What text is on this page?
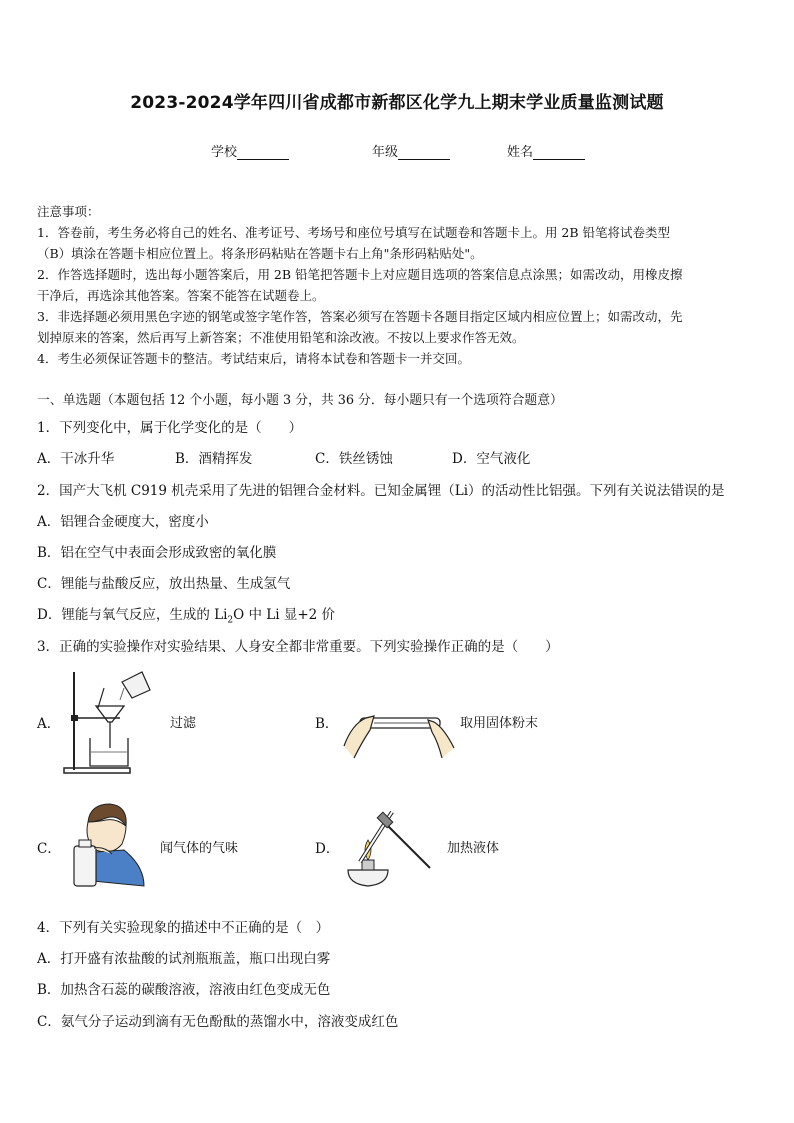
2023-2024学年四川省成都市新都区化学九上期末学业质量监测试题
学校	年级	姓名
注意事项：
1．答卷前，考生务必将自己的姓名、准考证号、考场号和座位号填写在试题卷和答题卡上。用 2B 铅笔将试卷类型
（B）填涂在答题卡相应位置上。将条形码粘贴在答题卡右上角"条形码粘贴处"。
2．作答选择题时，选出每小题答案后，用 2B 铅笔把答题卡上对应题目选项的答案信息点涂黑；如需改动，用橡皮擦
干净后，再选涂其他答案。答案不能答在试题卷上。
3．非选择题必须用黑色字迹的钢笔或签字笔作答，答案必须写在答题卡各题目指定区域内相应位置上；如需改动，先
划掉原来的答案，然后再写上新答案；不准使用铅笔和涂改液。不按以上要求作答无效。
4．考生必须保证答题卡的整洁。考试结束后，请将本试卷和答题卡一并交回。
一、单选题（本题包括 12 个小题，每小题 3 分，共 36 分．每小题只有一个选项符合题意）
1．下列变化中，属于化学变化的是（　　）
A．干冰升华	B．酒精挥发	C．铁丝锈蚀	D．空气液化
2．国产大飞机 C919 机壳采用了先进的铝锂合金材料。已知金属锂（Li）的活动性比铝强。下列有关说法错误的是
A．铝锂合金硬度大，密度小
B．铝在空气中表面会形成致密的氧化膜
C．锂能与盐酸反应，放出热量、生成氢气
D．锂能与氧气反应，生成的 $Li_2O$ 中 Li 显+2 价
3．正确的实验操作对实验结果、人身安全都非常重要。下列实验操作正确的是（　　）
A．	过滤	B．	取用固体粉末
C．	闻气体的气味	D．	加热液体
4．下列有关实验现象的描述中不正确的是（　）
A．打开盛有浓盐酸的试剂瓶瓶盖，瓶口出现白雾
B．加热含石蕊的碳酸溶液，溶液由红色变成无色
C．氨气分子运动到滴有无色酚酞的蒸馏水中，溶液变成红色
